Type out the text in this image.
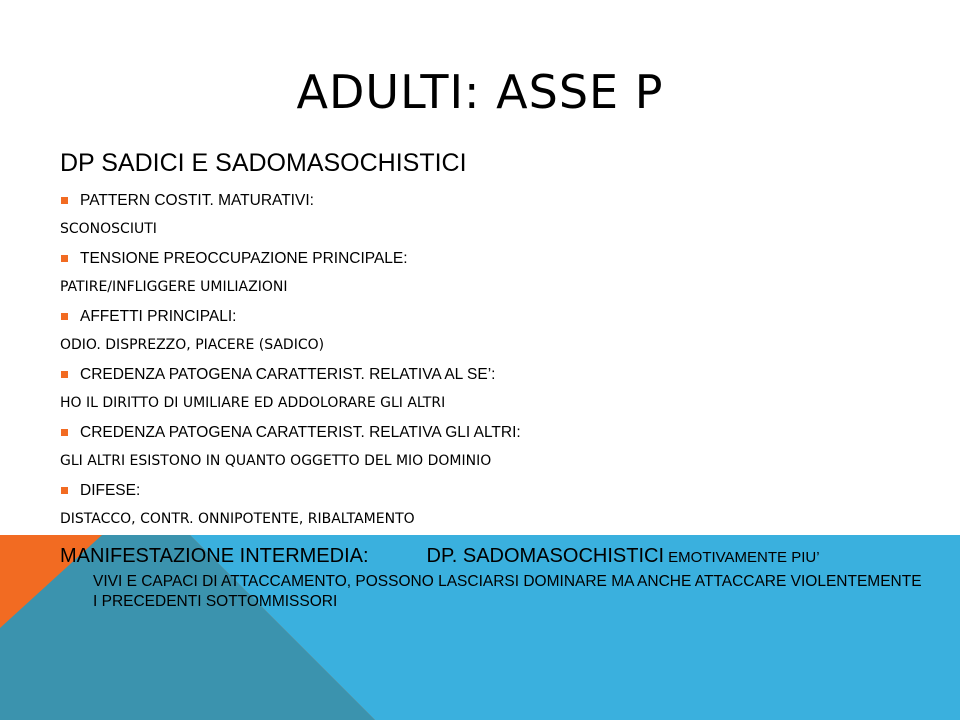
ADULTI: ASSE P
DP SADICI E SADOMASOCHISTICI
PATTERN COSTIT. MATURATIVI:
SCONOSCIUTI
TENSIONE PREOCCUPAZIONE PRINCIPALE:
PATIRE/INFLIGGERE UMILIAZIONI
AFFETTI PRINCIPALI:
ODIO. DISPREZZO, PIACERE (SADICO)
CREDENZA PATOGENA CARATTERIST. RELATIVA AL SE’:
HO IL DIRITTO DI UMILIARE ED ADDOLORARE GLI ALTRI
CREDENZA PATOGENA CARATTERIST. RELATIVA GLI ALTRI:
GLI ALTRI ESISTONO IN QUANTO OGGETTO DEL MIO DOMINIO
DIFESE:
DISTACCO, CONTR. ONNIPOTENTE, RIBALTAMENTO
MANIFESTAZIONE INTERMEDIA:	DP. SADOMASOCHISTICI EMOTIVAMENTE PIU’
VIVI E CAPACI DI ATTACCAMENTO, POSSONO LASCIARSI DOMINARE MA ANCHE ATTACCARE VIOLENTEMENTE I PRECEDENTI SOTTOMMISSORI
